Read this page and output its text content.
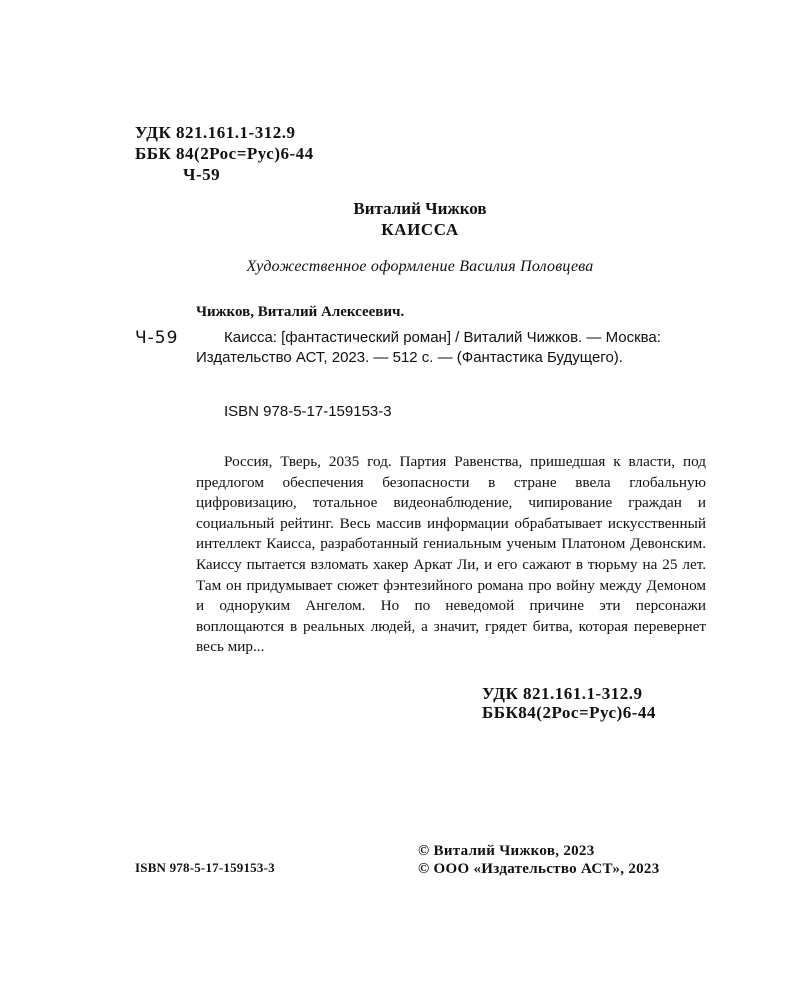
УДК 821.161.1-312.9
ББК 84(2Рос=Рус)6-44
Ч-59
Виталий Чижков
КАИССА
Художественное оформление Василия Половцева
Чижков, Виталий Алексеевич.
Ч-59	Каисса: [фантастический роман] / Виталий Чижков. — Москва: Издательство АСТ, 2023. — 512 с. — (Фантастика Будущего).
ISBN 978-5-17-159153-3
Россия, Тверь, 2035 год. Партия Равенства, пришедшая к власти, под предлогом обеспечения безопасности в стране ввела глобальную цифровизацию, тотальное видеонаблюдение, чипирование граждан и социальный рейтинг. Весь массив информации обрабатывает искусственный интеллект Каисса, разработанный гениальным ученым Платоном Девонским. Каиссу пытается взломать хакер Аркат Ли, и его сажают в тюрьму на 25 лет. Там он придумывает сюжет фэнтезийного романа про войну между Демоном и одноруким Ангелом. Но по неведомой причине эти персонажи воплощаются в реальных людей, а значит, грядет битва, которая перевернет весь мир...
УДК 821.161.1-312.9
ББК84(2Рос=Рус)6-44
ISBN 978-5-17-159153-3
© Виталий Чижков, 2023
© ООО «Издательство АСТ», 2023
